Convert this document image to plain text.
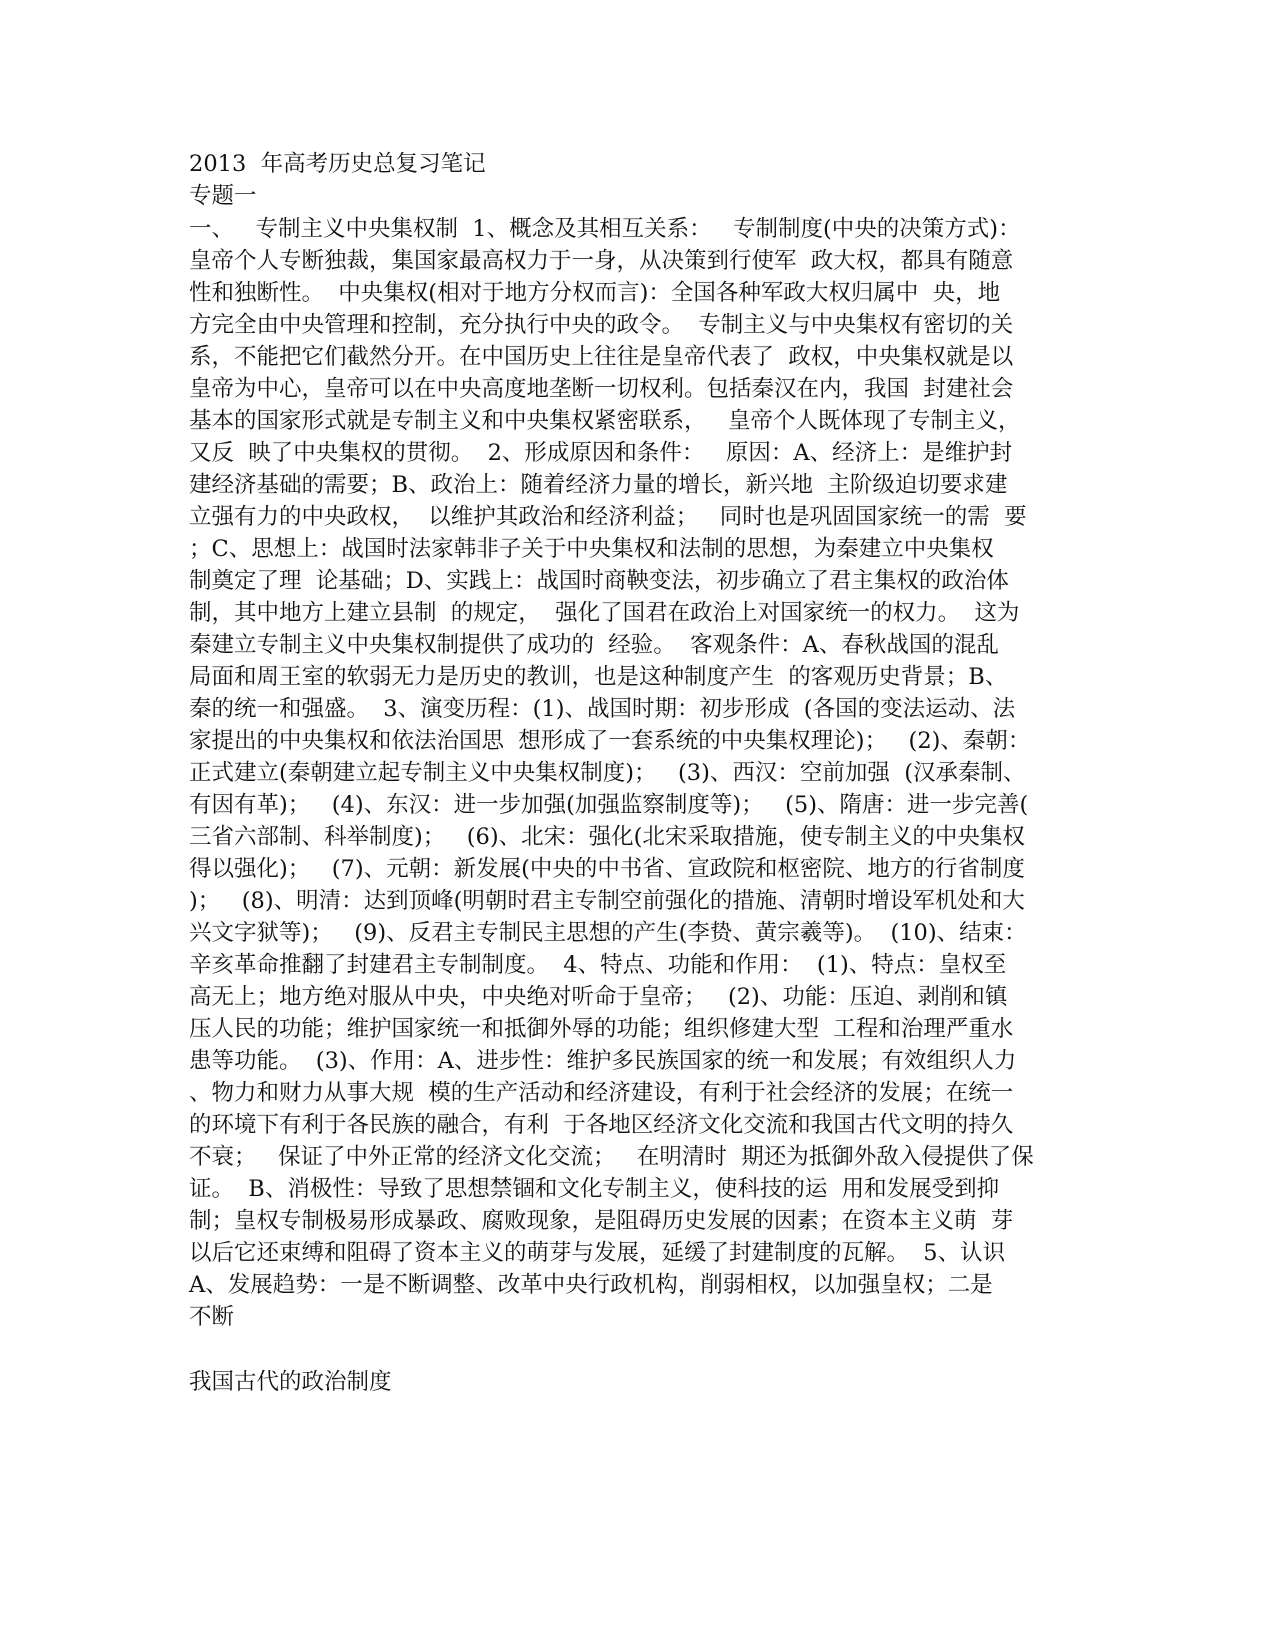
2013  年高考历史总复习笔记

专题一

一、   专制主义中央集权制  1、概念及其相互关系：   专制制度(中央的决策方式)：

皇帝个人专断独裁，集国家最高权力于一身，从决策到行使军  政大权，都具有随意

性和独断性。  中央集权(相对于地方分权而言)：全国各种军政大权归属中  央，地

方完全由中央管理和控制，充分执行中央的政令。  专制主义与中央集权有密切的关

系，不能把它们截然分开。在中国历史上往往是皇帝代表了  政权，中央集权就是以

皇帝为中心，皇帝可以在中央高度地垄断一切权利。包括秦汉在内，我国  封建社会

基本的国家形式就是专制主义和中央集权紧密联系，   皇帝个人既体现了专制主义，

又反  映了中央集权的贯彻。  2、形成原因和条件：   原因：A、经济上：是维护封

建经济基础的需要；B、政治上：随着经济力量的增长，新兴地  主阶级迫切要求建

立强有力的中央政权，  以维护其政治和经济利益；   同时也是巩固国家统一的需  要

；C、思想上：战国时法家韩非子关于中央集权和法制的思想，为秦建立中央集权

制奠定了理  论基础；D、实践上：战国时商鞅变法，初步确立了君主集权的政治体

制，其中地方上建立县制  的规定，  强化了国君在政治上对国家统一的权力。  这为

秦建立专制主义中央集权制提供了成功的  经验。  客观条件：A、春秋战国的混乱

局面和周王室的软弱无力是历史的教训，也是这种制度产生  的客观历史背景；B、

秦的统一和强盛。  3、演变历程：(1)、战国时期：初步形成  (各国的变法运动、法

家提出的中央集权和依法治国思  想形成了一套系统的中央集权理论)；   (2)、秦朝：

正式建立(秦朝建立起专制主义中央集权制度)；   (3)、西汉：空前加强  (汉承秦制、

有因有革)；   (4)、东汉：进一步加强(加强监察制度等)；   (5)、隋唐：进一步完善(

三省六部制、科举制度)；   (6)、北宋：强化(北宋采取措施，使专制主义的中央集权

得以强化)；   (7)、元朝：新发展(中央的中书省、宣政院和枢密院、地方的行省制度

)；   (8)、明清：达到顶峰(明朝时君主专制空前强化的措施、清朝时增设军机处和大

兴文字狱等)；   (9)、反君主专制民主思想的产生(李贽、黄宗羲等)。  (10)、结束：

辛亥革命推翻了封建君主专制制度。  4、特点、功能和作用：  (1)、特点：皇权至

高无上；地方绝对服从中央，中央绝对听命于皇帝；   (2)、功能：压迫、剥削和镇

压人民的功能；维护国家统一和抵御外辱的功能；组织修建大型  工程和治理严重水

患等功能。  (3)、作用：A、进步性：维护多民族国家的统一和发展；有效组织人力

、物力和财力从事大规  模的生产活动和经济建设，有利于社会经济的发展；在统一

的环境下有利于各民族的融合，有利  于各地区经济文化交流和我国古代文明的持久

不衰；   保证了中外正常的经济文化交流；   在明清时  期还为抵御外敌入侵提供了保

证。  B、消极性：导致了思想禁锢和文化专制主义，使科技的运  用和发展受到抑

制；皇权专制极易形成暴政、腐败现象，是阻碍历史发展的因素；在资本主义萌  芽

以后它还束缚和阻碍了资本主义的萌芽与发展，延缓了封建制度的瓦解。  5、认识

A、发展趋势：一是不断调整、改革中央行政机构，削弱相权，以加强皇权；二是

不断

我国古代的政治制度
